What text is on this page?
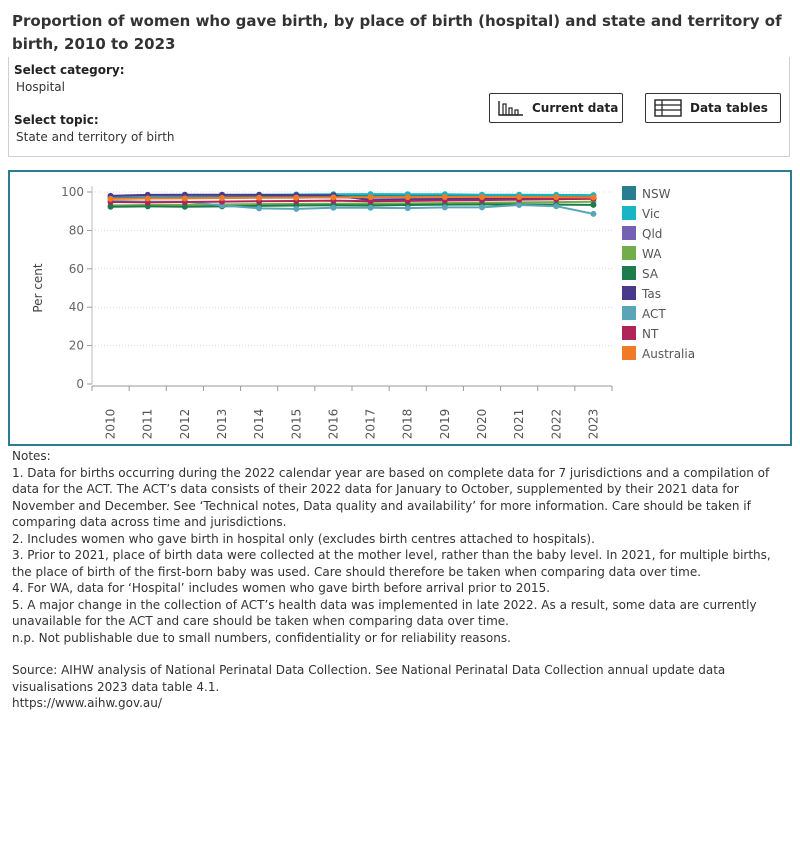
Proportion of women who gave birth, by place of birth (hospital) and state and territory of birth, 2010 to 2023
Select category:
Hospital
Select topic:
State and territory of birth
Current data	Data tables
0
20
40
60
80
100
2010 2011 2012 2013 2014 2015 2016 2017 2018 2019 2020 2021 2022 2023
NSW
Vic
Qld
WA
SA
Tas
ACT
NT
Australia
Per cent

Notes:

1. Data for births occurring during the 2022 calendar year are based on complete data for 7 jurisdictions and a compilation of data for the ACT. The ACT’s data consists of their 2022 data for January to October, supplemented by their 2021 data for November and December. See ‘Technical notes, Data quality and availability’ for more information. Care should be taken if comparing data across time and jurisdictions.

2. Includes women who gave birth in hospital only (excludes birth centres attached to hospitals).

3. Prior to 2021, place of birth data were collected at the mother level, rather than the baby level. In 2021, for multiple births, the place of birth of the first-born baby was used. Care should therefore be taken when comparing data over time.

4. For WA, data for ‘Hospital’ includes women who gave birth before arrival prior to 2015.

5. A major change in the collection of ACT’s health data was implemented in late 2022. As a result, some data are currently unavailable for the ACT and care should be taken when comparing data over time.

n.p. Not publishable due to small numbers, confidentiality or for reliability reasons.

Source: AIHW analysis of National Perinatal Data Collection. See National Perinatal Data Collection annual update data visualisations 2023 data table 4.1.

https://www.aihw.gov.au/
